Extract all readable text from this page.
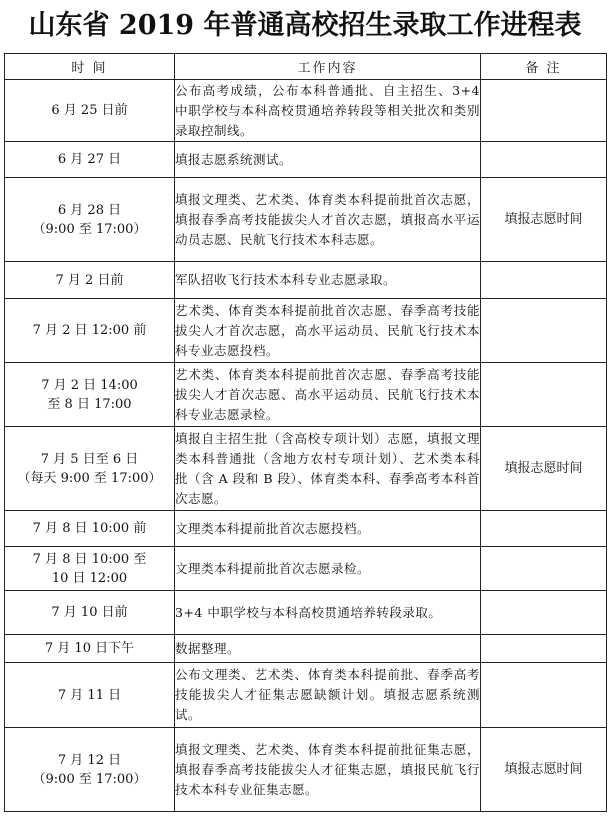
山东省 2019 年普通高校招生录取工作进程表
时 间	工作内容	备 注
6 月 25 日前	公布高考成绩，公布本科普通批、自主招生、3+4 中职学校与本科高校贯通培养转段等相关批次和类别录取控制线。	
6 月 27 日	填报志愿系统测试。	
6 月 28 日
（9:00 至 17:00）	填报文理类、艺术类、体育类本科提前批首次志愿，填报春季高考技能拔尖人才首次志愿，填报高水平运动员志愿、民航飞行技术本科志愿。	填报志愿时间
7 月 2 日前	军队招收飞行技术本科专业志愿录取。	
7 月 2 日 12:00 前	艺术类、体育类本科提前批首次志愿、春季高考技能拔尖人才首次志愿，高水平运动员、民航飞行技术本科专业志愿投档。	
7 月 2 日 14:00
至 8 日 17:00	艺术类、体育类本科提前批首次志愿、春季高考技能拔尖人才首次志愿、高水平运动员、民航飞行技术本科专业志愿录检。	
7 月 5 日至 6 日
（每天 9:00 至 17:00）	填报自主招生批（含高校专项计划）志愿，填报文理类本科普通批（含地方农村专项计划）、艺术类本科批（含 A 段和 B 段）、体育类本科、春季高考本科首次志愿。	填报志愿时间
7 月 8 日 10:00 前	文理类本科提前批首次志愿投档。	
7 月 8 日 10:00 至
10 日 12:00	文理类本科提前批首次志愿录检。	
7 月 10 日前	3+4 中职学校与本科高校贯通培养转段录取。	
7 月 10 日下午	数据整理。	
7 月 11 日	公布文理类、艺术类、体育类本科提前批、春季高考技能拔尖人才征集志愿缺额计划。填报志愿系统测试。	
7 月 12 日
（9:00 至 17:00）	填报文理类、艺术类、体育类本科提前批征集志愿，填报春季高考技能拔尖人才征集志愿，填报民航飞行技术本科专业征集志愿。	填报志愿时间
